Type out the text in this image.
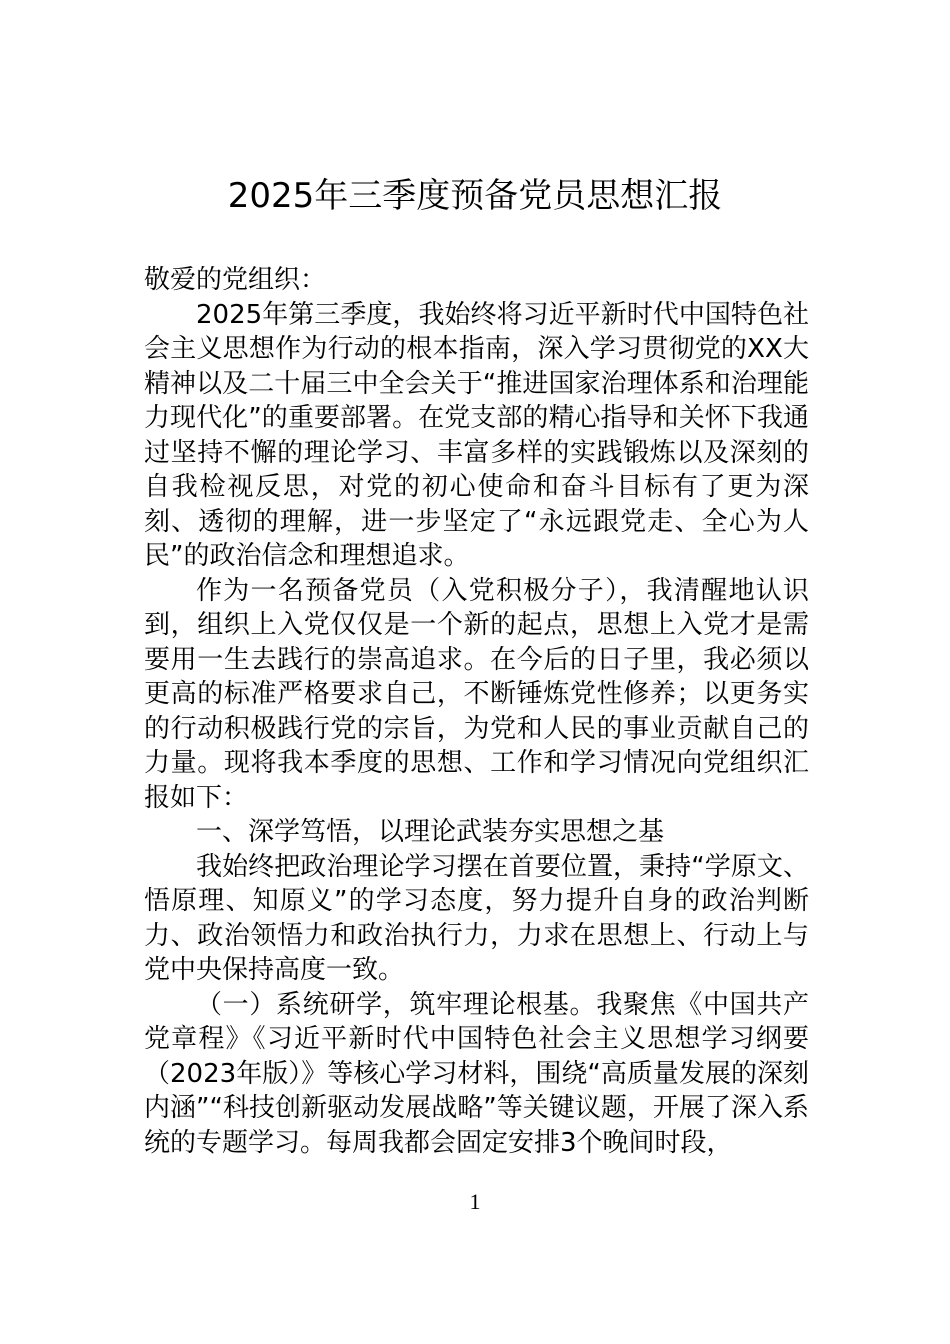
2025年三季度预备党员思想汇报

敬爱的党组织：

2025年第三季度，我始终将习近平新时代中国特色社会主义思想作为行动的根本指南，深入学习贯彻党的XX大精神以及二十届三中全会关于“推进国家治理体系和治理能力现代化”的重要部署。在党支部的精心指导和关怀下我通过坚持不懈的理论学习、丰富多样的实践锻炼以及深刻的自我检视反思，对党的初心使命和奋斗目标有了更为深刻、透彻的理解，进一步坚定了“永远跟党走、全心为人民”的政治信念和理想追求。

作为一名预备党员（入党积极分子），我清醒地认识到，组织上入党仅仅是一个新的起点，思想上入党才是需要用一生去践行的崇高追求。在今后的日子里，我必须以更高的标准严格要求自己，不断锤炼党性修养；以更务实的行动积极践行党的宗旨，为党和人民的事业贡献自己的力量。现将我本季度的思想、工作和学习情况向党组织汇报如下：

一、深学笃悟，以理论武装夯实思想之基

我始终把政治理论学习摆在首要位置，秉持“学原文、悟原理、知原义”的学习态度，努力提升自身的政治判断力、政治领悟力和政治执行力，力求在思想上、行动上与党中央保持高度一致。

（一）系统研学，筑牢理论根基。我聚焦《中国共产党章程》《习近平新时代中国特色社会主义思想学习纲要（2023年版）》等核心学习材料，围绕“高质量发展的深刻内涵”“科技创新驱动发展战略”等关键议题，开展了深入系统的专题学习。每周我都会固定安排3个晚间时段，

1
